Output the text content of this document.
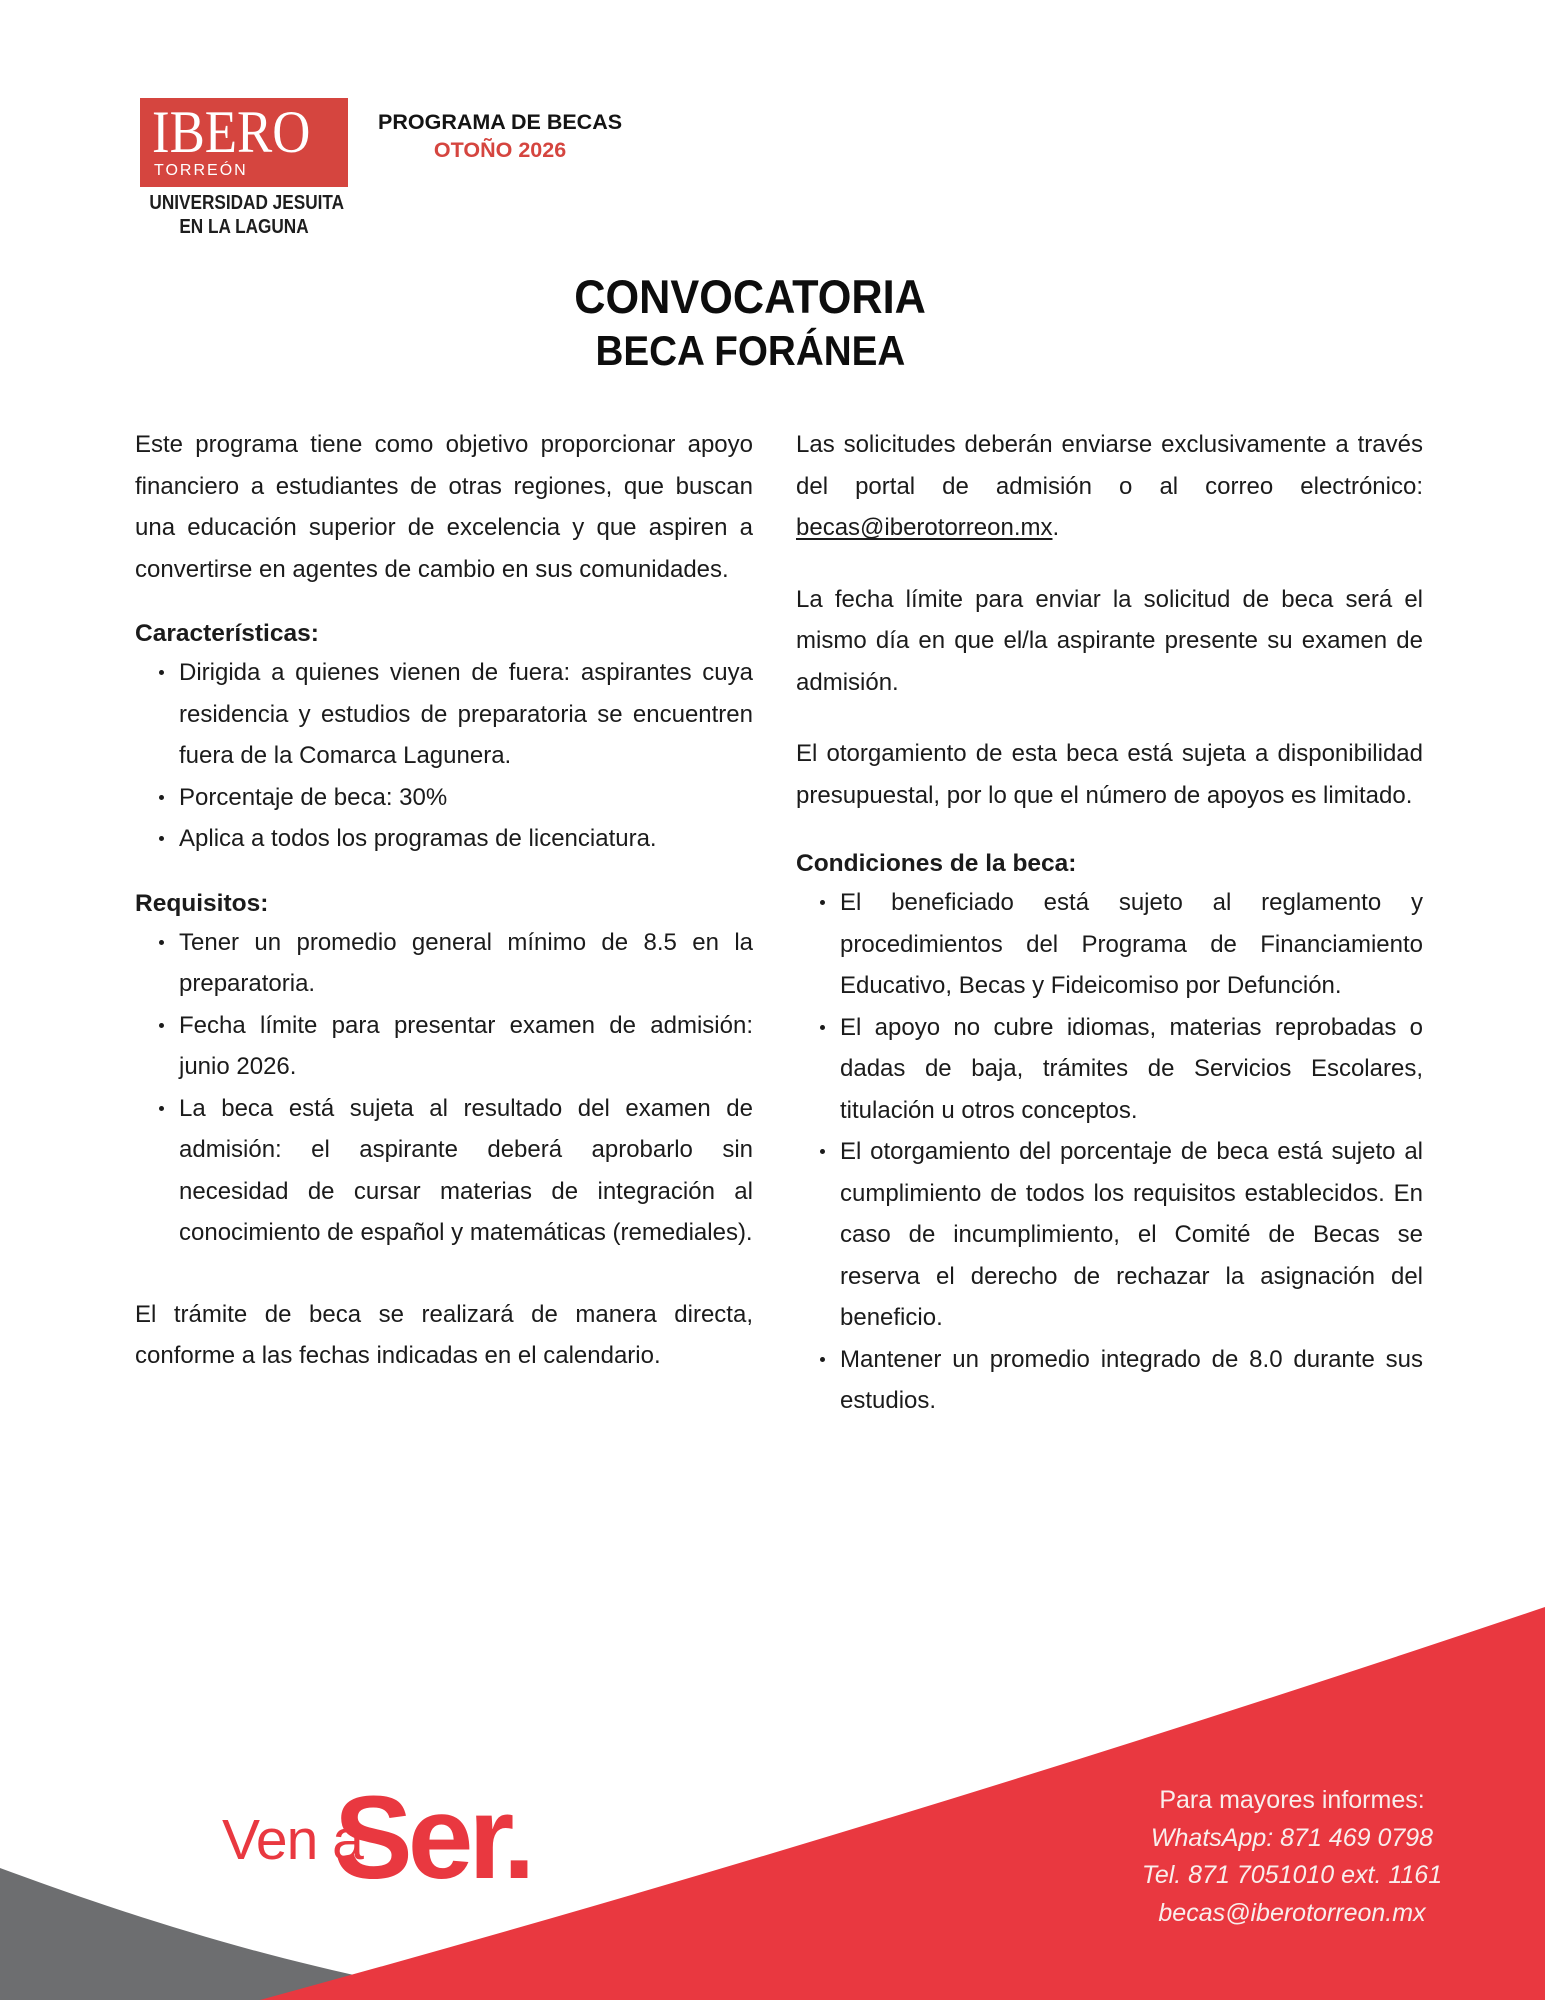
IBERO
TORREÓN
UNIVERSIDAD JESUITA
EN LA LAGUNA
PROGRAMA DE BECAS
OTOÑO 2026
CONVOCATORIA
BECA FORÁNEA

Este programa tiene como objetivo proporcionar apoyo financiero a estudiantes de otras regiones, que buscan una educación superior de excelencia y que aspiren a convertirse en agentes de cambio en sus comunidades.

Características:
Dirigida a quienes vienen de fuera: aspirantes cuya residencia y estudios de preparatoria se encuentren fuera de la Comarca Lagunera.
Porcentaje de beca: 30%
Aplica a todos los programas de licenciatura.
Requisitos:
Tener un promedio general mínimo de 8.5 en la preparatoria.
Fecha límite para presentar examen de admisión: junio 2026.
La beca está sujeta al resultado del examen de admisión: el aspirante deberá aprobarlo sin necesidad de cursar materias de integración al conocimiento de español y matemáticas (remediales).

El trámite de beca se realizará de manera directa, conforme a las fechas indicadas en el calendario.

Las solicitudes deberán enviarse exclusivamente a través del portal de admisión o al correo electrónico: becas@iberotorreon.mx.

La fecha límite para enviar la solicitud de beca será el mismo día en que el/la aspirante presente su examen de admisión.

El otorgamiento de esta beca está sujeta a disponibilidad presupuestal, por lo que el número de apoyos es limitado.

Condiciones de la beca:
El beneficiado está sujeto al reglamento y procedimientos del Programa de Financiamiento Educativo, Becas y Fideicomiso por Defunción.
El apoyo no cubre idiomas, materias reprobadas o dadas de baja, trámites de Servicios Escolares, titulación u otros conceptos.
El otorgamiento del porcentaje de beca está sujeto al cumplimiento de todos los requisitos establecidos. En caso de incumplimiento, el Comité de Becas se reserva el derecho de rechazar la asignación del beneficio.
Mantener un promedio integrado de 8.0 durante sus estudios.
Ven a
Ser.	Para mayores informes:
WhatsApp: 871 469 0798
Tel. 871 7051010 ext. 1161
becas@iberotorreon.mx
